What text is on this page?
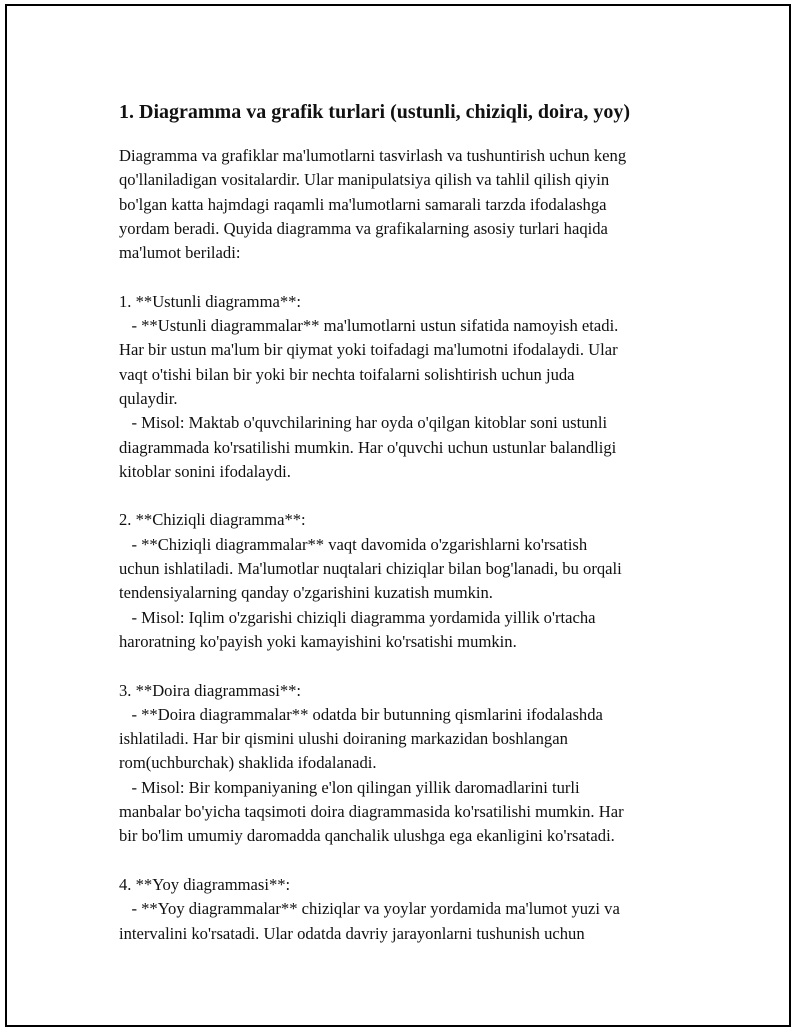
1. Diagramma va grafik turlari (ustunli, chiziqli, doira, yoy)

Diagramma va grafiklar ma'lumotlarni tasvirlash va tushuntirish uchun keng
qo'llaniladigan vositalardir. Ular manipulatsiya qilish va tahlil qilish qiyin
bo'lgan katta hajmdagi raqamli ma'lumotlarni samarali tarzda ifodalashga
yordam beradi. Quyida diagramma va grafikalarning asosiy turlari haqida
ma'lumot beriladi:

1. **Ustunli diagramma**:
- **Ustunli diagrammalar** ma'lumotlarni ustun sifatida namoyish etadi.
Har bir ustun ma'lum bir qiymat yoki toifadagi ma'lumotni ifodalaydi. Ular
vaqt o'tishi bilan bir yoki bir nechta toifalarni solishtirish uchun juda
qulaydir.
- Misol: Maktab o'quvchilarining har oyda o'qilgan kitoblar soni ustunli
diagrammada ko'rsatilishi mumkin. Har o'quvchi uchun ustunlar balandligi
kitoblar sonini ifodalaydi.

2. **Chiziqli diagramma**:
- **Chiziqli diagrammalar** vaqt davomida o'zgarishlarni ko'rsatish
uchun ishlatiladi. Ma'lumotlar nuqtalari chiziqlar bilan bog'lanadi, bu orqali
tendensiyalarning qanday o'zgarishini kuzatish mumkin.
- Misol: Iqlim o'zgarishi chiziqli diagramma yordamida yillik o'rtacha
haroratning ko'payish yoki kamayishini ko'rsatishi mumkin.

3. **Doira diagrammasi**:
- **Doira diagrammalar** odatda bir butunning qismlarini ifodalashda
ishlatiladi. Har bir qismini ulushi doiraning markazidan boshlangan
rom(uchburchak) shaklida ifodalanadi.
- Misol: Bir kompaniyaning e'lon qilingan yillik daromadlarini turli
manbalar bo'yicha taqsimoti doira diagrammasida ko'rsatilishi mumkin. Har
bir bo'lim umumiy daromadda qanchalik ulushga ega ekanligini ko'rsatadi.

4. **Yoy diagrammasi**:
- **Yoy diagrammalar** chiziqlar va yoylar yordamida ma'lumot yuzi va
intervalini ko'rsatadi. Ular odatda davriy jarayonlarni tushunish uchun
